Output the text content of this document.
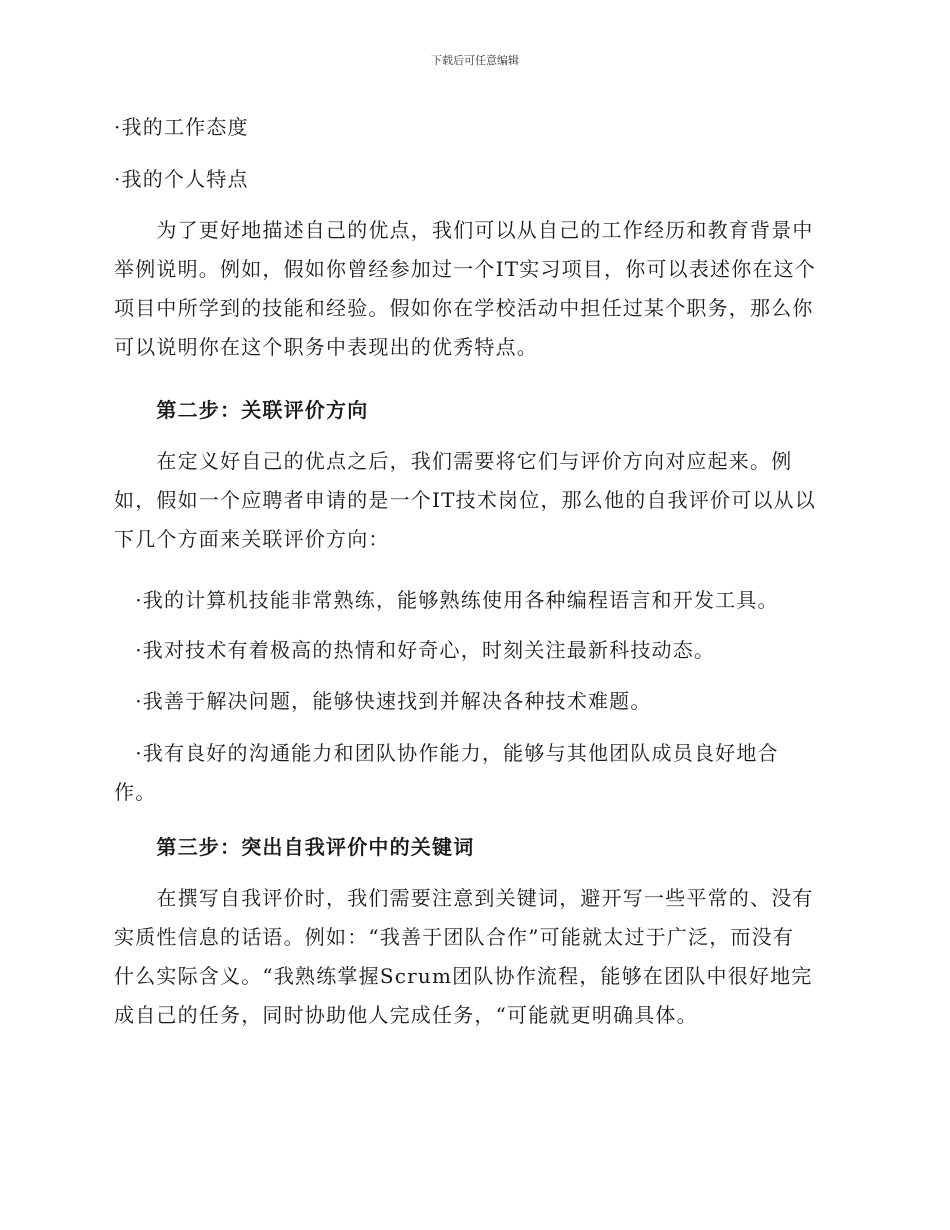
下载后可任意编辑
·我的工作态度
·我的个人特点
　　为了更好地描述自己的优点，我们可以从自己的工作经历和教育背景中
举例说明。例如，假如你曾经参加过一个IT实习项目，你可以表述你在这个
项目中所学到的技能和经验。假如你在学校活动中担任过某个职务，那么你
可以说明你在这个职务中表现出的优秀特点。
　　第二步：关联评价方向
　　在定义好自己的优点之后，我们需要将它们与评价方向对应起来。例
如，假如一个应聘者申请的是一个IT技术岗位，那么他的自我评价可以从以
下几个方面来关联评价方向：
　·我的计算机技能非常熟练，能够熟练使用各种编程语言和开发工具。
　·我对技术有着极高的热情和好奇心，时刻关注最新科技动态。
　·我善于解决问题，能够快速找到并解决各种技术难题。
　·我有良好的沟通能力和团队协作能力，能够与其他团队成员良好地合
作。
　　第三步：突出自我评价中的关键词
　　在撰写自我评价时，我们需要注意到关键词，避开写一些平常的、没有
实质性信息的话语。例如：“我善于团队合作”可能就太过于广泛，而没有
什么实际含义。“我熟练掌握Scrum团队协作流程，能够在团队中很好地完
成自己的任务，同时协助他人完成任务，“可能就更明确具体。
